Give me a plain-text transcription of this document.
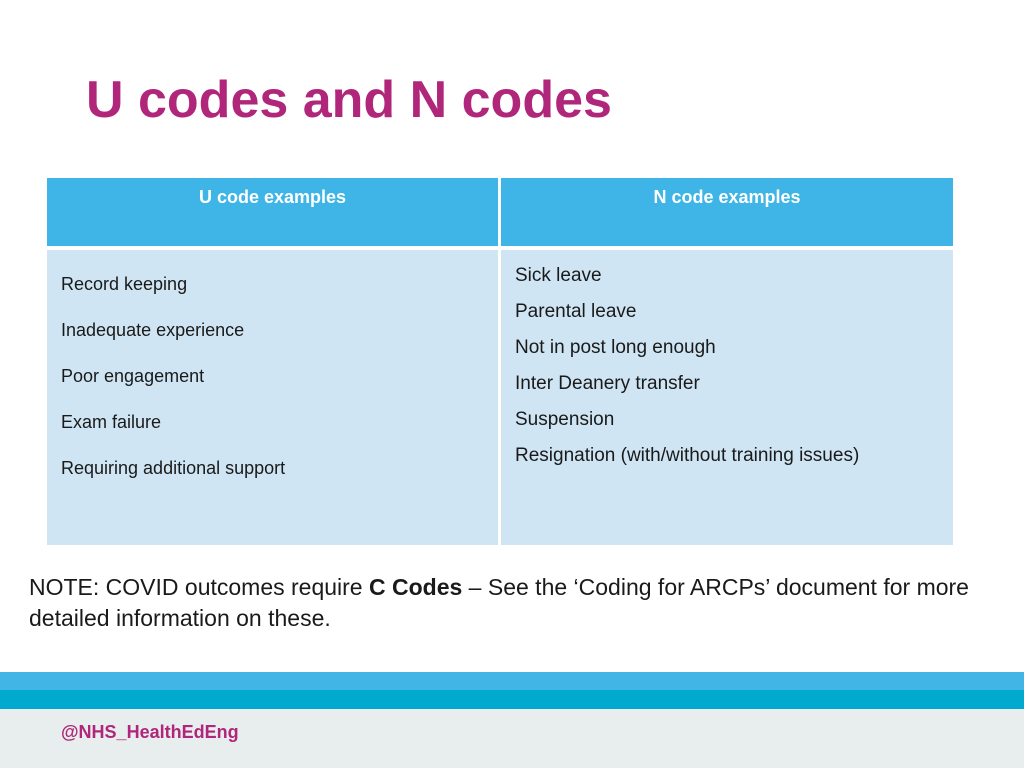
U codes and N codes
U code examples	N code examples
Record keeping
Inadequate experience
Poor engagement
Exam failure
Requiring additional support
Sick leave
Parental leave
Not in post long enough
Inter Deanery transfer
Suspension
Resignation (with/without training issues)

NOTE: COVID outcomes require C Codes – See the ‘Coding for ARCPs’ document for more detailed information on these.

@NHS_HealthEdEng
